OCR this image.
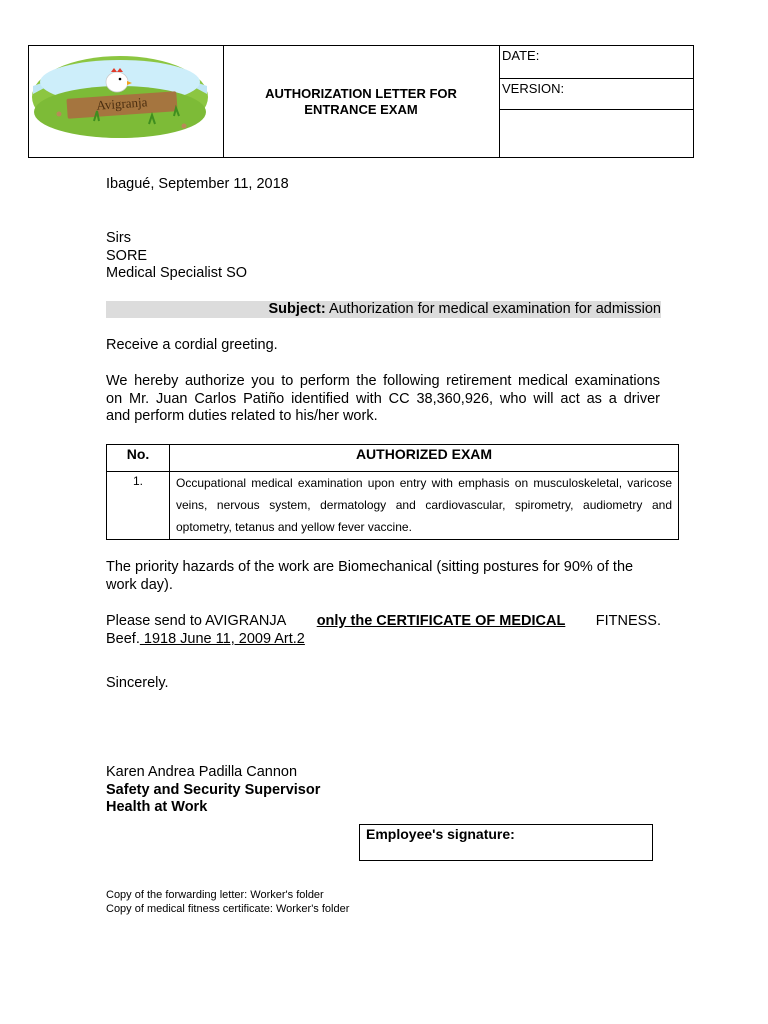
Avigranja
AUTHORIZATION LETTER FOR
ENTRANCE EXAM
DATE:
VERSION:
Ibagué, September 11, 2018
Sirs
SORE
Medical Specialist SO
Subject: Authorization for medical examination for admission
Receive a cordial greeting.
We hereby authorize you to perform the following retirement medical examinations
on Mr. Juan Carlos Patiño identified with CC 38,360,926, who will act as a driver
and perform duties related to his/her work.
No.	AUTHORIZED EXAM
1.	Occupational medical examination upon entry with emphasis on musculoskeletal, varicose veins, nervous system, dermatology and cardiovascular, spirometry, audiometry and optometry, tetanus and yellow fever vaccine.
The priority hazards of the work are Biomechanical (sitting postures for 90% of the
work day).
Please send to AVIGRANJA only the CERTIFICATE OF MEDICAL FITNESS.
Beef. 1918 June 11, 2009 Art.2
Sincerely.
Karen Andrea Padilla Cannon
Safety and Security Supervisor
Health at Work
Employee's signature:
Copy of the forwarding letter: Worker's folder
Copy of medical fitness certificate: Worker's folder
